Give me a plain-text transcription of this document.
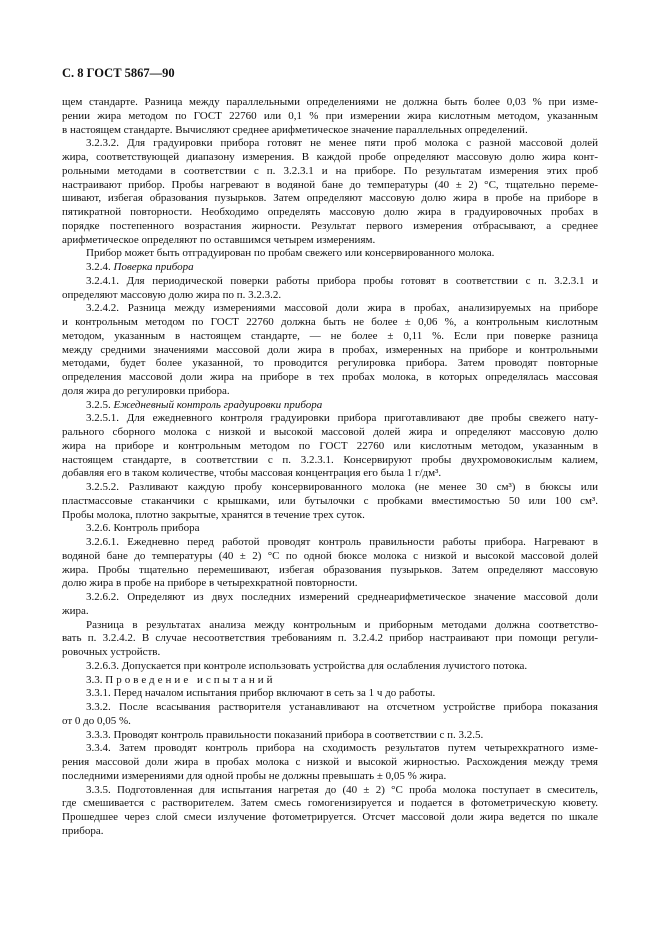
С. 8 ГОСТ 5867—90
щем стандарте. Разница между параллельными определениями не должна быть более 0,03 % при изме-
рении жира методом по ГОСТ 22760 или 0,1 % при измерении жира кислотным методом, указанным
в настоящем стандарте. Вычисляют среднее арифметическое значение параллельных определений.
3.2.3.2. Для градуировки прибора готовят не менее пяти проб молока с разной массовой долей
жира, соответствующей диапазону измерения. В каждой пробе определяют массовую долю жира конт-
рольными методами в соответствии с п. 3.2.3.1 и на приборе. По результатам измерения этих проб
настраивают прибор. Пробы нагревают в водяной бане до температуры (40 ± 2) °С, тщательно переме-
шивают, избегая образования пузырьков. Затем определяют массовую долю жира в пробе на приборе в
пятикратной повторности. Необходимо определять массовую долю жира в градуировочных пробах в
порядке постепенного возрастания жирности. Результат первого измерения отбрасывают, а среднее
арифметическое определяют по оставшимся четырем измерениям.
Прибор может быть отградуирован по пробам свежего или консервированного молока.
3.2.4. Поверка прибора
3.2.4.1. Для периодической поверки работы прибора пробы готовят в соответствии с п. 3.2.3.1 и
определяют массовую долю жира по п. 3.2.3.2.
3.2.4.2. Разница между измерениями массовой доли жира в пробах, анализируемых на приборе
и контрольным методом по ГОСТ 22760 должна быть не более ± 0,06 %, а контрольным кислотным
методом, указанным в настоящем стандарте, — не более ± 0,11 %. Если при поверке разница
между средними значениями массовой доли жира в пробах, измеренных на приборе и контрольными
методами, будет более указанной, то проводится регулировка прибора. Затем проводят повторные
определения массовой доли жира на приборе в тех пробах молока, в которых определялась массовая
доля жира до регулировки прибора.
3.2.5. Ежедневный контроль градуировки прибора
3.2.5.1. Для ежедневного контроля градуировки прибора приготавливают две пробы свежего нату-
рального сборного молока с низкой и высокой массовой долей жира и определяют массовую долю
жира на приборе и контрольным методом по ГОСТ 22760 или кислотным методом, указанным в
настоящем стандарте, в соответствии с п. 3.2.3.1. Консервируют пробы двухромовокислым калием,
добавляя его в таком количестве, чтобы массовая концентрация его была 1 г/дм³.
3.2.5.2. Разливают каждую пробу консервированного молока (не менее 30 см³) в бюксы или
пластмассовые стаканчики с крышками, или бутылочки с пробками вместимостью 50 или 100 см³.
Пробы молока, плотно закрытые, хранятся в течение трех суток.
3.2.6. Контроль прибора
3.2.6.1. Ежедневно перед работой проводят контроль правильности работы прибора. Нагревают в
водяной бане до температуры (40 ± 2) °С по одной бюксе молока с низкой и высокой массовой долей
жира. Пробы тщательно перемешивают, избегая образования пузырьков. Затем определяют массовую
долю жира в пробе на приборе в четырехкратной повторности.
3.2.6.2. Определяют из двух последних измерений среднеарифметическое значение массовой доли
жира.
Разница в результатах анализа между контрольным и приборным методами должна соответство-
вать п. 3.2.4.2. В случае несоответствия требованиям п. 3.2.4.2 прибор настраивают при помощи регули-
ровочных устройств.
3.2.6.3. Допускается при контроле использовать устройства для ослабления лучистого потока.
3.3. Проведение испытаний
3.3.1. Перед началом испытания прибор включают в сеть за 1 ч до работы.
3.3.2. После всасывания растворителя устанавливают на отсчетном устройстве прибора показания
от 0 до 0,05 %.
3.3.3. Проводят контроль правильности показаний прибора в соответствии с п. 3.2.5.
3.3.4. Затем проводят контроль прибора на сходимость результатов путем четырехкратного изме-
рения массовой доли жира в пробах молока с низкой и высокой жирностью. Расхождения между тремя
последними измерениями для одной пробы не должны превышать ± 0,05 % жира.
3.3.5. Подготовленная для испытания нагретая до (40 ± 2) °С проба молока поступает в смеситель,
где смешивается с растворителем. Затем смесь гомогенизируется и подается в фотометрическую кювету.
Прошедшее через слой смеси излучение фотометрируется. Отсчет массовой доли жира ведется по шкале
прибора.
